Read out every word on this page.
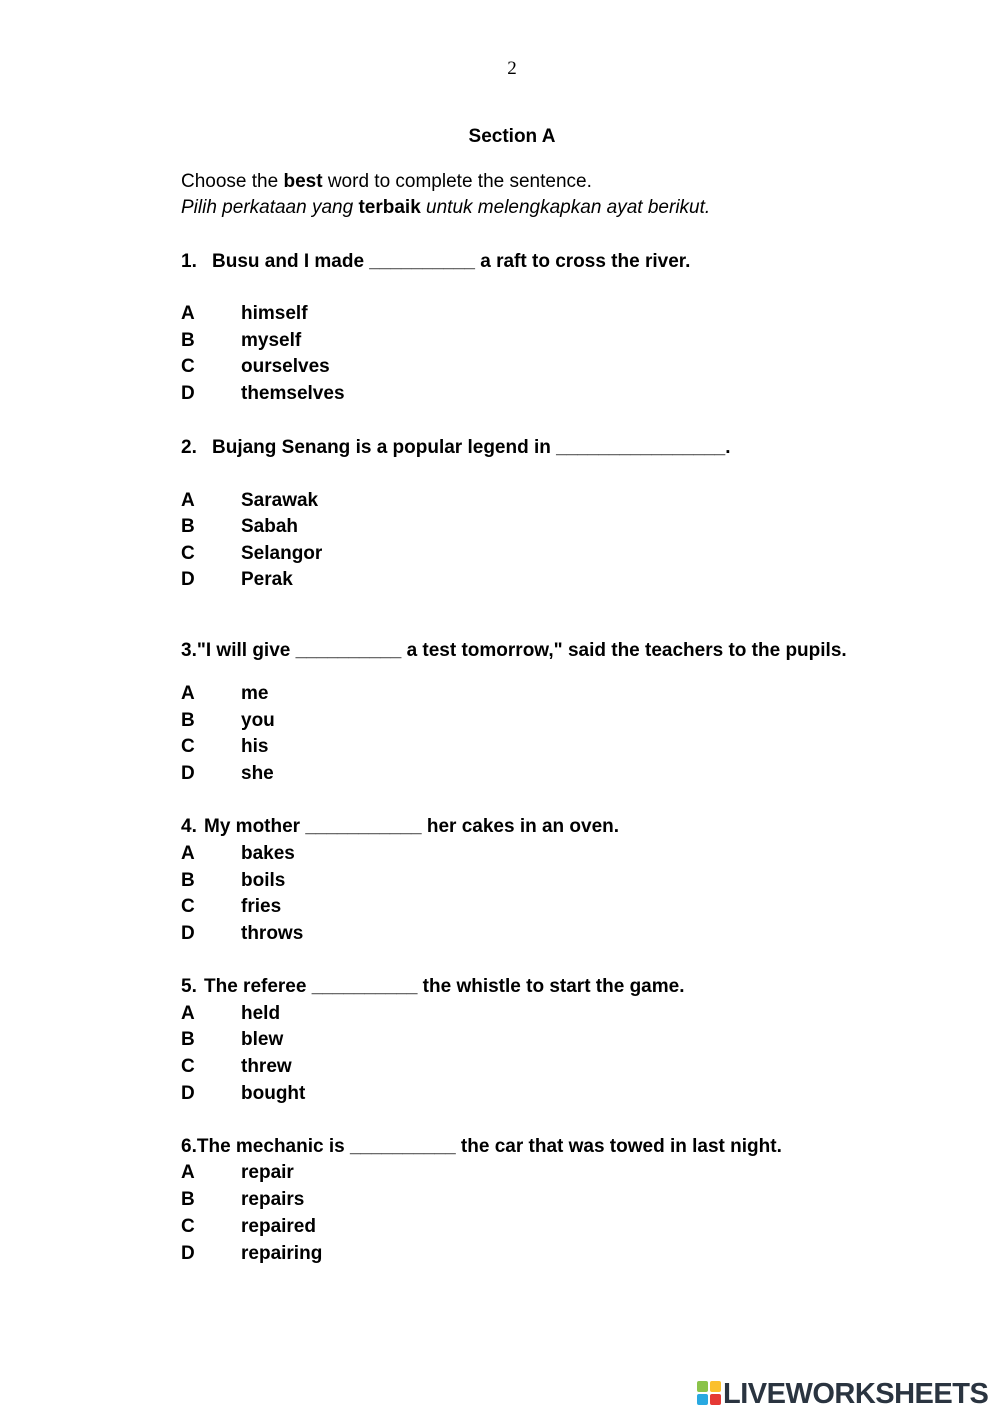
2
Section A
Choose the best word to complete the sentence.
Pilih perkataan yang terbaik untuk melengkapkan ayat berikut.
1. Busu and I made __________ a raft to cross the river.
A himself
B myself
C ourselves
D themselves
2. Bujang Senang is a popular legend in ________________.
A Sarawak
B Sabah
C Selangor
D Perak
3."I will give __________ a test tomorrow," said the teachers to the pupils.
A me
B you
C his
D she
4. My mother ___________ her cakes in an oven.
A bakes
B boils
C fries
D throws
5. The referee __________ the whistle to start the game.
A held
B blew
C threw
D bought
6.The mechanic is __________ the car that was towed in last night.
A repair
B repairs
C repaired
D repairing
LIVEWORKSHEETS
